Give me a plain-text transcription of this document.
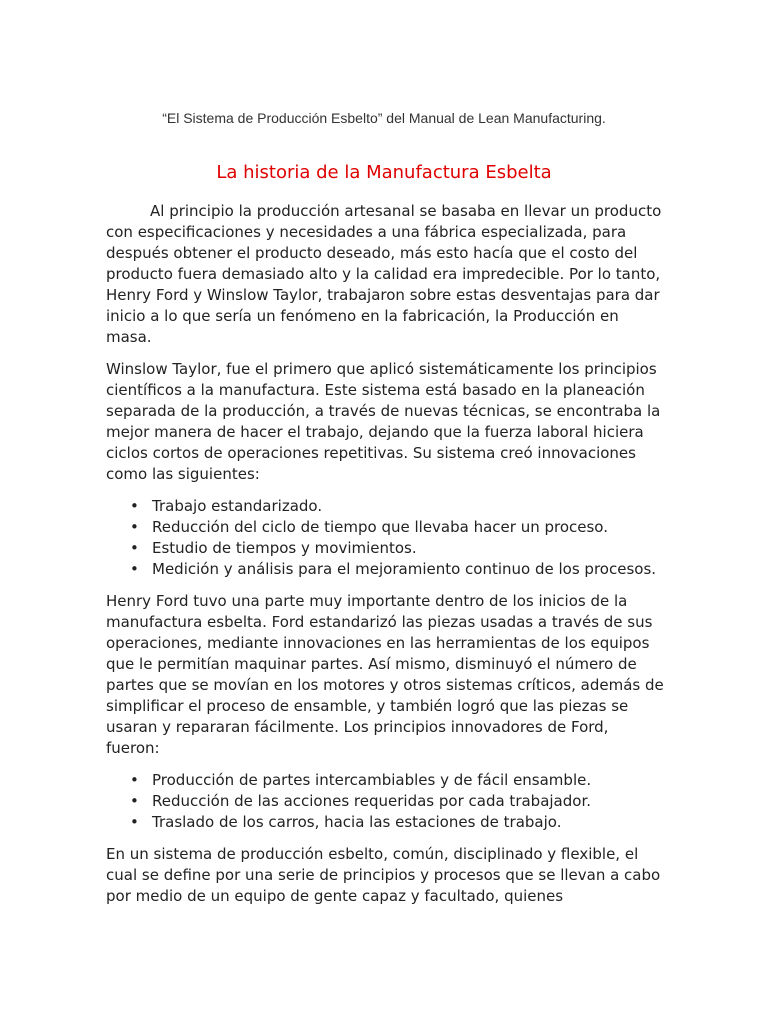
“El Sistema de Producción Esbelto” del Manual de Lean Manufacturing.
La historia de la Manufactura Esbelta

Al principio la producción artesanal se basaba en llevar un producto con especificaciones y necesidades a una fábrica especializada, para después obtener el producto deseado, más esto hacía que el costo del producto fuera demasiado alto y la calidad era impredecible. Por lo tanto, Henry Ford y Winslow Taylor, trabajaron sobre estas desventajas para dar inicio a lo que sería un fenómeno en la fabricación, la Producción en masa.

Winslow Taylor, fue el primero que aplicó sistemáticamente los principios científicos a la manufactura. Este sistema está basado en la planeación separada de la producción, a través de nuevas técnicas, se encontraba la mejor manera de hacer el trabajo, dejando que la fuerza laboral hiciera ciclos cortos de operaciones repetitivas. Su sistema creó innovaciones como las siguientes:

• Trabajo estandarizado.
• Reducción del ciclo de tiempo que llevaba hacer un proceso.
• Estudio de tiempos y movimientos.
• Medición y análisis para el mejoramiento continuo de los procesos.

Henry Ford tuvo una parte muy importante dentro de los inicios de la manufactura esbelta. Ford estandarizó las piezas usadas a través de sus operaciones, mediante innovaciones en las herramientas de los equipos que le permitían maquinar partes. Así mismo, disminuyó el número de partes que se movían en los motores y otros sistemas críticos, además de simplificar el proceso de ensamble, y también logró que las piezas se usaran y repararan fácilmente. Los principios innovadores de Ford, fueron:

• Producción de partes intercambiables y de fácil ensamble.
• Reducción de las acciones requeridas por cada trabajador.
• Traslado de los carros, hacia las estaciones de trabajo.

En un sistema de producción esbelto, común, disciplinado y flexible, el cual se define por una serie de principios y procesos que se llevan a cabo por medio de un equipo de gente capaz y facultado, quienes
